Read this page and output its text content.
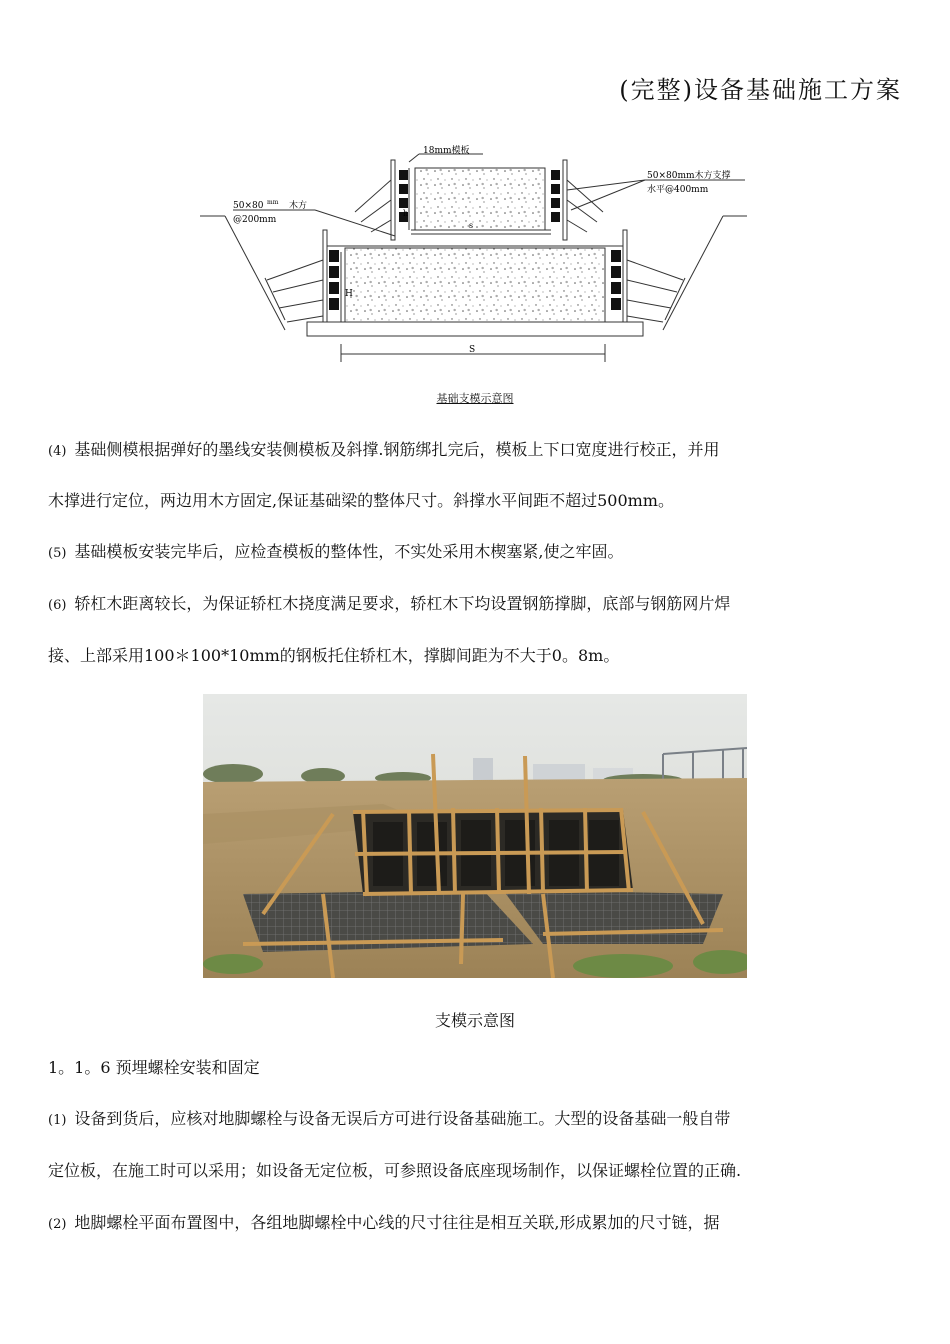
(完整)设备基础施工方案
18mm模板
50×80 mm 木方
@200mm
50×80mm木方支撑
水平@400mm
h
s
H
S
基础支模示意图
(4) 基础侧模根据弹好的墨线安装侧模板及斜撑.钢筋绑扎完后，模板上下口宽度进行校正，并用
木撑进行定位，两边用木方固定,保证基础梁的整体尺寸。斜撑水平间距不超过500mm。
(5) 基础模板安装完毕后，应检查模板的整体性，不实处采用木楔塞紧,使之牢固。
(6) 轿杠木距离较长，为保证轿杠木挠度满足要求，轿杠木下均设置钢筋撑脚，底部与钢筋网片焊
接、上部采用100＊100*10mm的钢板托住轿杠木，撑脚间距为不大于0。8m。
支模示意图
1。1。6 预埋螺栓安装和固定
(1) 设备到货后，应核对地脚螺栓与设备无误后方可进行设备基础施工。大型的设备基础一般自带
定位板，在施工时可以采用；如设备无定位板，可参照设备底座现场制作，以保证螺栓位置的正确.
(2) 地脚螺栓平面布置图中，各组地脚螺栓中心线的尺寸往往是相互关联,形成累加的尺寸链，据
